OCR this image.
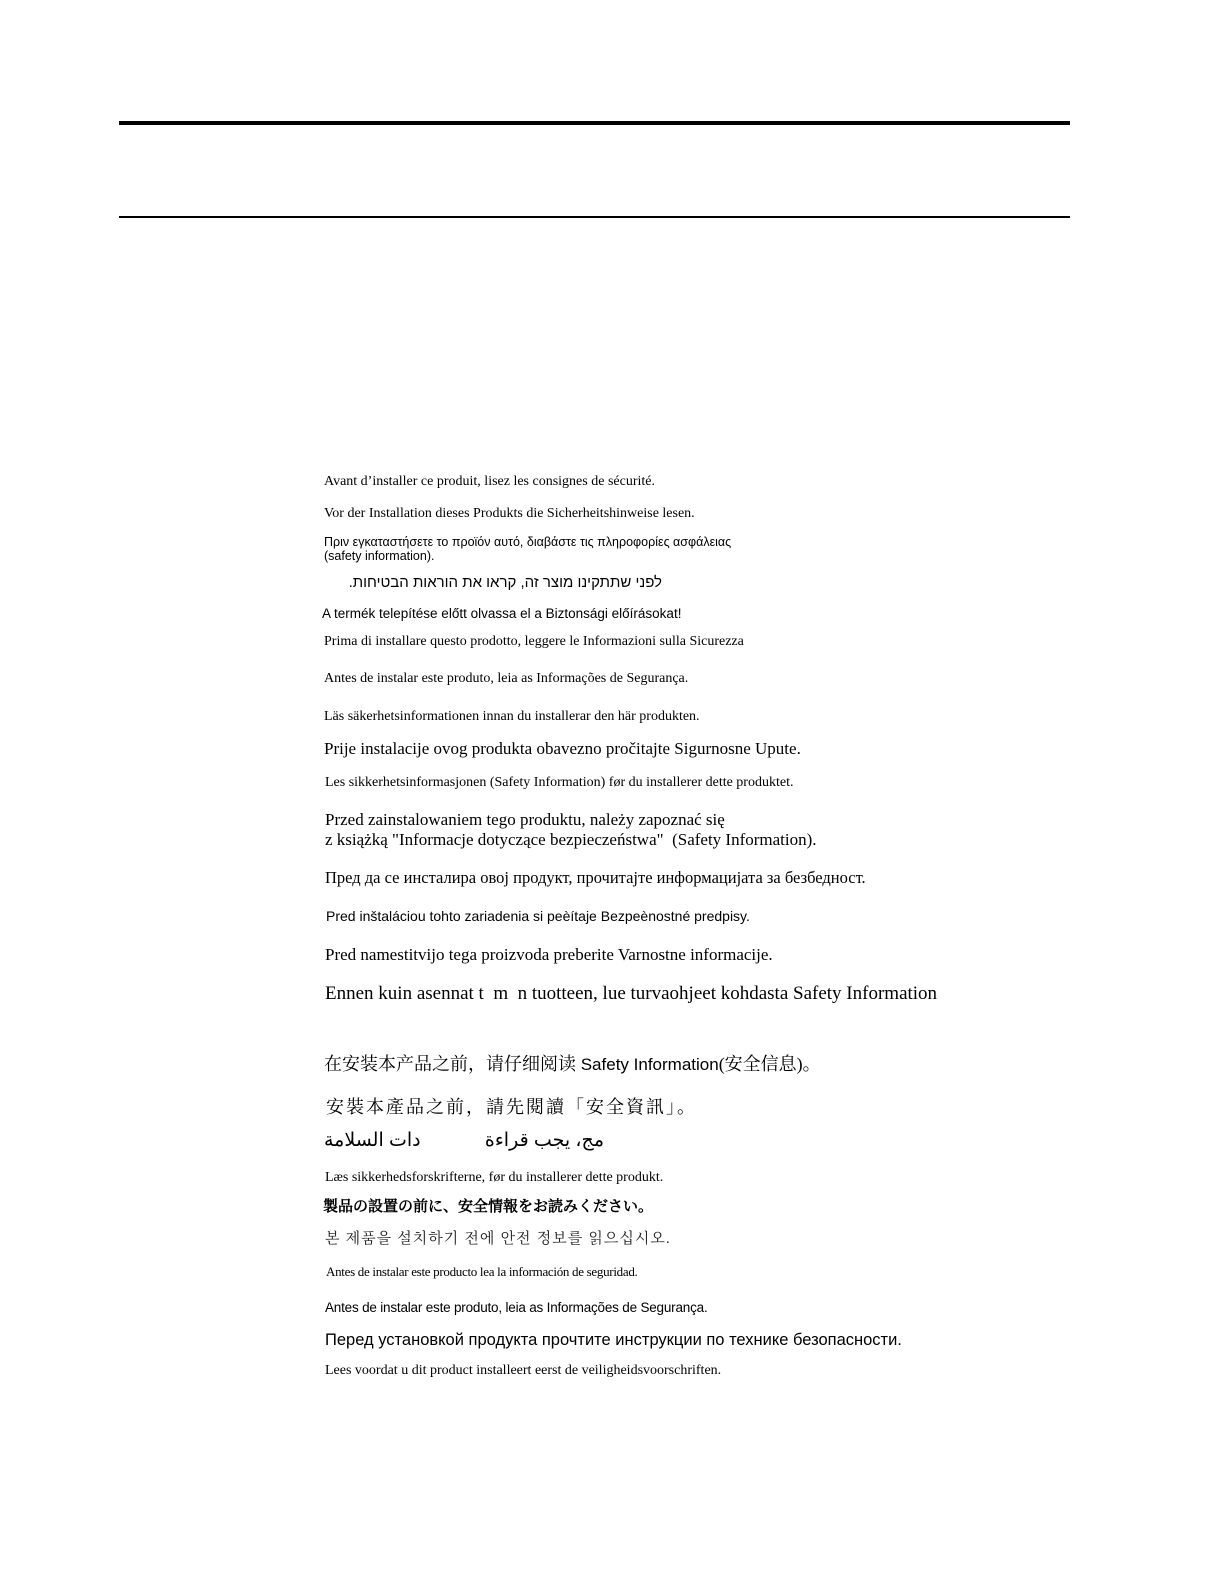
Avant d’installer ce produit, lisez les consignes de sécurité.

Vor der Installation dieses Produkts die Sicherheitshinweise lesen.

Πριν εγκαταστήσετε το προϊόν αυτό, διαβάστε τις πληροφορίες ασφάλειας

(safety information).

לפני שתתקינו מוצר זה, קראו את הוראות הבטיחות.

A termék telepítése előtt olvassa el a Biztonsági előírásokat!

Prima di installare questo prodotto, leggere le Informazioni sulla Sicurezza

Antes de instalar este produto, leia as Informações de Segurança.

Läs säkerhetsinformationen innan du installerar den här produkten.

Prije instalacije ovog produkta obavezno pročitajte Sigurnosne Upute.

Les sikkerhetsinformasjonen (Safety Information) før du installerer dette produktet.

Przed zainstalowaniem tego produktu, należy zapoznać się

z książką "Informacje dotyczące bezpieczeństwa"  (Safety Information).

Пред да се инсталира овој продукт, прочитајте информацијата за безбедност.

Pred inštaláciou tohto zariadenia si peèítaje Bezpeènostné predpisy.

Pred namestitvijo tega proizvoda preberite Varnostne informacije.

Ennen kuin asennat t  m  n tuotteen, lue turvaohjeet kohdasta Safety Information

在安装本产品之前，请仔细阅读 Safety Information(安全信息)。

安裝本產品之前，請先閱讀「安全資訊」。

دات السلامة	مج، يجب قراءة

Læs sikkerhedsforskrifterne, før du installerer dette produkt.

製品の設置の前に、安全情報をお読みください。

본 제품을 설치하기 전에 안전 정보를 읽으십시오.

Antes de instalar este producto lea la información de seguridad.

Antes de instalar este produto, leia as Informações de Segurança.

Перед установкой продукта прочтите инструкции по технике безопасности.

Lees voordat u dit product installeert eerst de veiligheidsvoorschriften.
